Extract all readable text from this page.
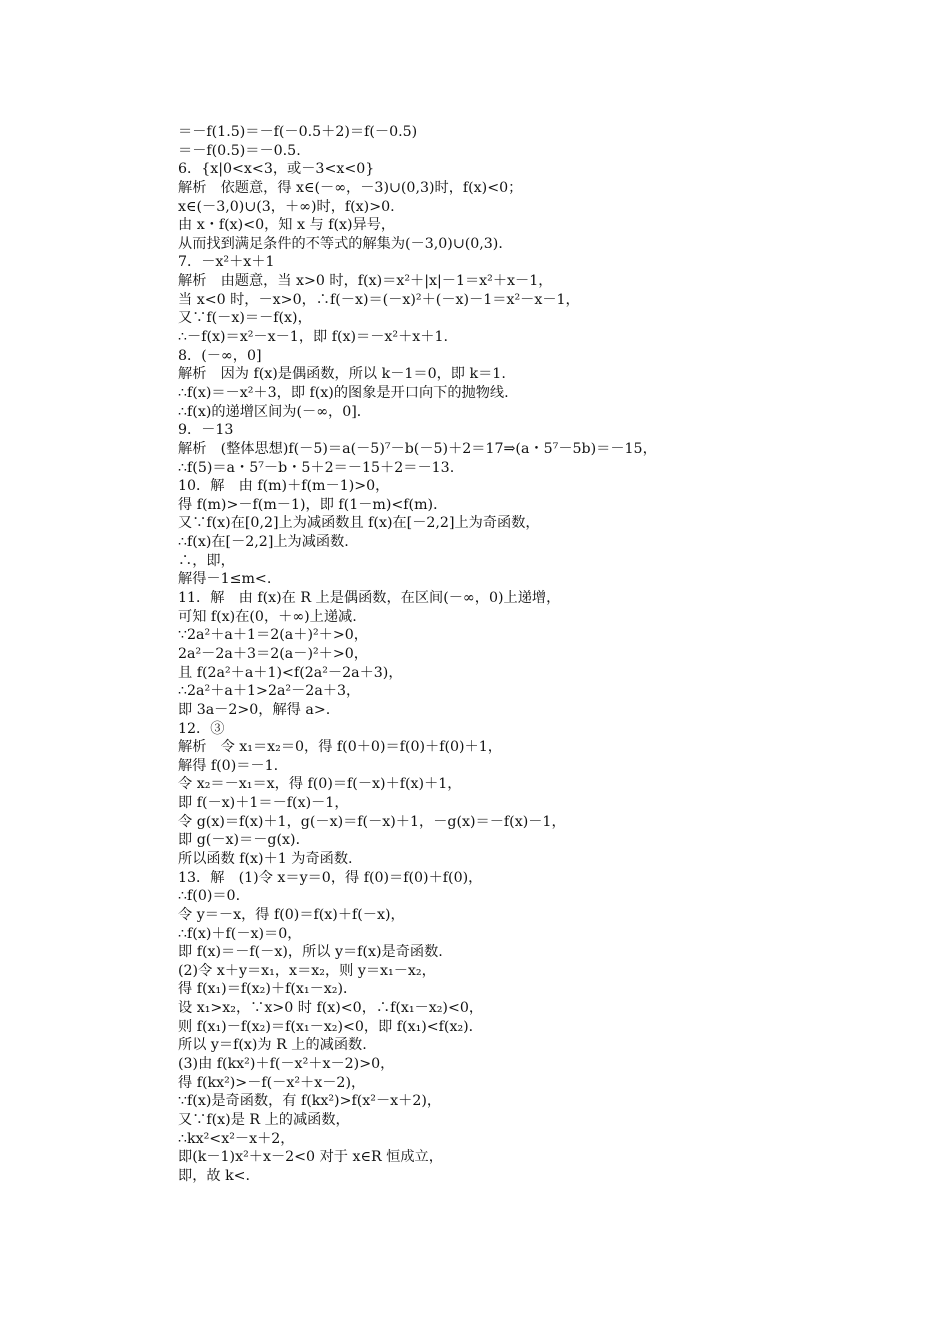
＝－f(1.5)＝－f(－0.5＋2)＝f(－0.5)
＝－f(0.5)＝－0.5.
6．{x|0<x<3，或－3<x<0}
解析　依题意，得 x∈(－∞，－3)∪(0,3)时，f(x)<0；
x∈(－3,0)∪(3，＋∞)时，f(x)>0.
由 x・f(x)<0，知 x 与 f(x)异号，
从而找到满足条件的不等式的解集为(－3,0)∪(0,3)．
7．－x²＋x＋1
解析　由题意，当 x>0 时，f(x)＝x²＋|x|－1＝x²＋x－1，
当 x<0 时，－x>0，∴f(－x)＝(－x)²＋(－x)－1＝x²－x－1，
又∵f(－x)＝－f(x)，
∴－f(x)＝x²－x－1，即 f(x)＝－x²＋x＋1.
8．(－∞，0]
解析　因为 f(x)是偶函数，所以 k－1＝0，即 k＝1.
∴f(x)＝－x²＋3，即 f(x)的图象是开口向下的抛物线.
∴f(x)的递增区间为(－∞，0]．
9．－13
解析　(整体思想)f(－5)＝a(－5)⁷－b(－5)＋2＝17⇒(a・5⁷－5b)＝－15，
∴f(5)＝a・5⁷－b・5＋2＝－15＋2＝－13.
10．解　由 f(m)＋f(m－1)>0，
得 f(m)>－f(m－1)，即 f(1－m)<f(m)．
又∵f(x)在[0,2]上为减函数且 f(x)在[－2,2]上为奇函数，
∴f(x)在[－2,2]上为减函数.
∴，即，
解得－1≤m<.
11．解　由 f(x)在 R 上是偶函数，在区间(－∞，0)上递增，
可知 f(x)在(0，＋∞)上递减.
∵2a²＋a＋1＝2(a＋)²＋>0，
2a²－2a＋3＝2(a－)²＋>0，
且 f(2a²＋a＋1)<f(2a²－2a＋3)，
∴2a²＋a＋1>2a²－2a＋3，
即 3a－2>0，解得 a>.
12．③
解析　令 x₁＝x₂＝0，得 f(0＋0)＝f(0)＋f(0)＋1，
解得 f(0)＝－1.
令 x₂＝－x₁＝x，得 f(0)＝f(－x)＋f(x)＋1，
即 f(－x)＋1＝－f(x)－1，
令 g(x)＝f(x)＋1，g(－x)＝f(－x)＋1，－g(x)＝－f(x)－1，
即 g(－x)＝－g(x)．
所以函数 f(x)＋1 为奇函数.
13．解　(1)令 x＝y＝0，得 f(0)＝f(0)＋f(0)，
∴f(0)＝0.
令 y＝－x，得 f(0)＝f(x)＋f(－x)，
∴f(x)＋f(－x)＝0，
即 f(x)＝－f(－x)，所以 y＝f(x)是奇函数.
(2)令 x＋y＝x₁，x＝x₂，则 y＝x₁－x₂，
得 f(x₁)＝f(x₂)＋f(x₁－x₂)．
设 x₁>x₂，∵x>0 时 f(x)<0，∴f(x₁－x₂)<0，
则 f(x₁)－f(x₂)＝f(x₁－x₂)<0，即 f(x₁)<f(x₂)．
所以 y＝f(x)为 R 上的减函数.
(3)由 f(kx²)＋f(－x²＋x－2)>0，
得 f(kx²)>－f(－x²＋x－2)，
∵f(x)是奇函数，有 f(kx²)>f(x²－x＋2)，
又∵f(x)是 R 上的减函数，
∴kx²<x²－x＋2，
即(k－1)x²＋x－2<0 对于 x∈R 恒成立，
即，故 k<.
